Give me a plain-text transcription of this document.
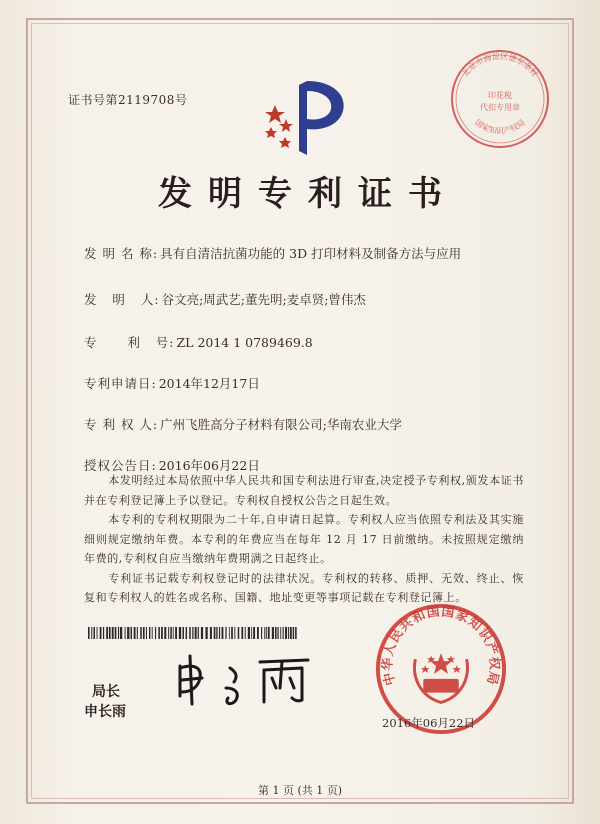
证书号第2119708号
北京市海淀区德东条材
印花税
代扣专用章
国家知识产权局
发明专利证书
发 明 名 称: 具有自清洁抗菌功能的 3D 打印材料及制备方法与应用
发   明   人: 谷文亮;周武艺;董先明;麦卓贤;曾伟杰
专      利   号: ZL 2014 1 0789469.8
专利申请日: 2014年12月17日
专 利 权 人: 广州飞胜高分子材料有限公司;华南农业大学
授权公告日: 2016年06月22日

本发明经过本局依照中华人民共和国专利法进行审查,决定授予专利权,颁发本证书并在专利登记簿上予以登记。专利权自授权公告之日起生效。

本专利的专利权期限为二十年,自申请日起算。专利权人应当依照专利法及其实施细则规定缴纳年费。本专利的年费应当在每年 12 月 17 日前缴纳。未按照规定缴纳年费的,专利权自应当缴纳年费期满之日起终止。

专利证书记载专利权登记时的法律状况。专利权的转移、质押、无效、终止、恢复和专利权人的姓名或名称、国籍、地址变更等事项记载在专利登记簿上。

局长
申长雨
中华人民共和国国家知识产权局
2016年06月22日
第 1 页 (共 1 页)
